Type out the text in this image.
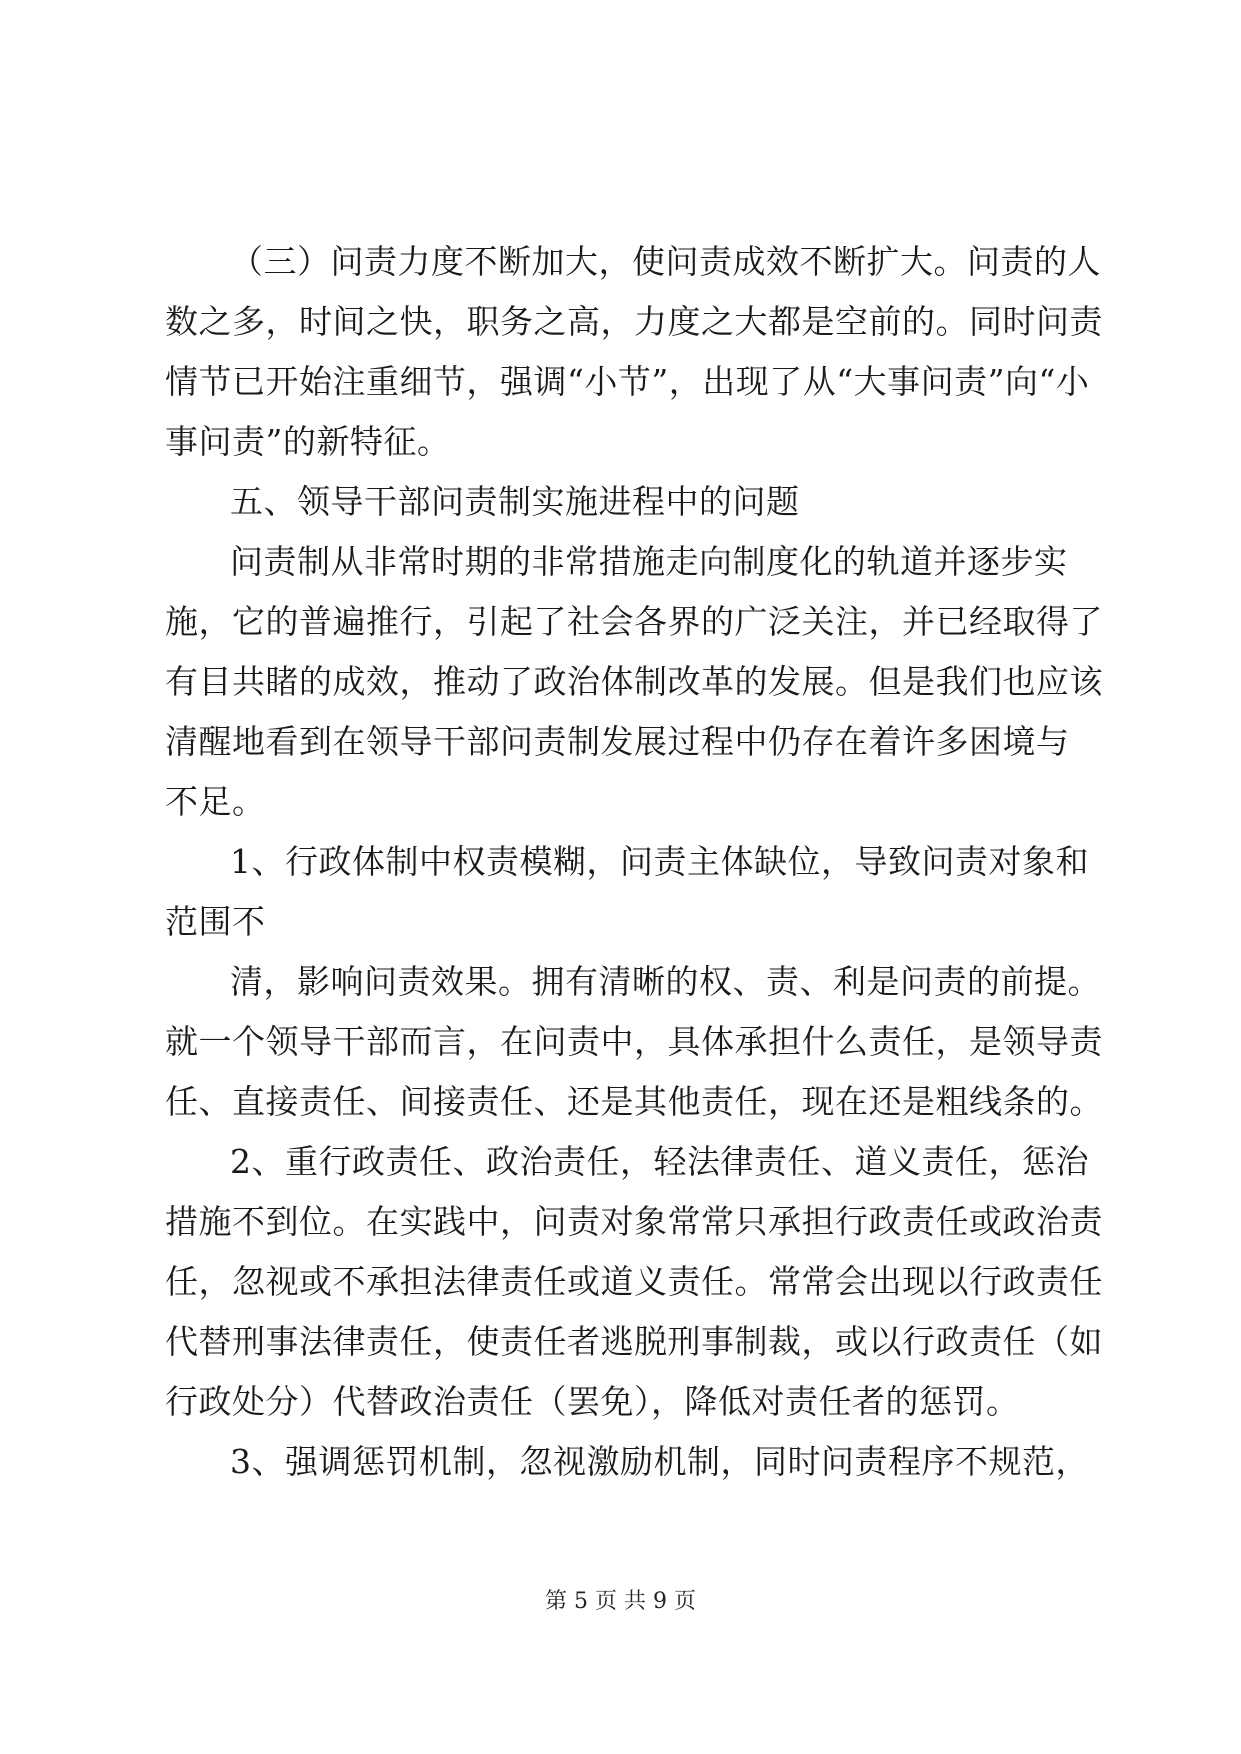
（三）问责力度不断加大，使问责成效不断扩大。问责的人
数之多，时间之快，职务之高，力度之大都是空前的。同时问责
情节已开始注重细节，强调“小节”，出现了从“大事问责”向“小
事问责”的新特征。
五、领导干部问责制实施进程中的问题
问责制从非常时期的非常措施走向制度化的轨道并逐步实
施，它的普遍推行，引起了社会各界的广泛关注，并已经取得了
有目共睹的成效，推动了政治体制改革的发展。但是我们也应该
清醒地看到在领导干部问责制发展过程中仍存在着许多困境与
不足。
1、行政体制中权责模糊，问责主体缺位，导致问责对象和
范围不
清，影响问责效果。拥有清晰的权、责、利是问责的前提。
就一个领导干部而言，在问责中，具体承担什么责任，是领导责
任、直接责任、间接责任、还是其他责任，现在还是粗线条的。
2、重行政责任、政治责任，轻法律责任、道义责任，惩治
措施不到位。在实践中，问责对象常常只承担行政责任或政治责
任，忽视或不承担法律责任或道义责任。常常会出现以行政责任
代替刑事法律责任，使责任者逃脱刑事制裁，或以行政责任（如
行政处分）代替政治责任（罢免），降低对责任者的惩罚。
3、强调惩罚机制，忽视激励机制，同时问责程序不规范，
第 5 页 共 9 页
